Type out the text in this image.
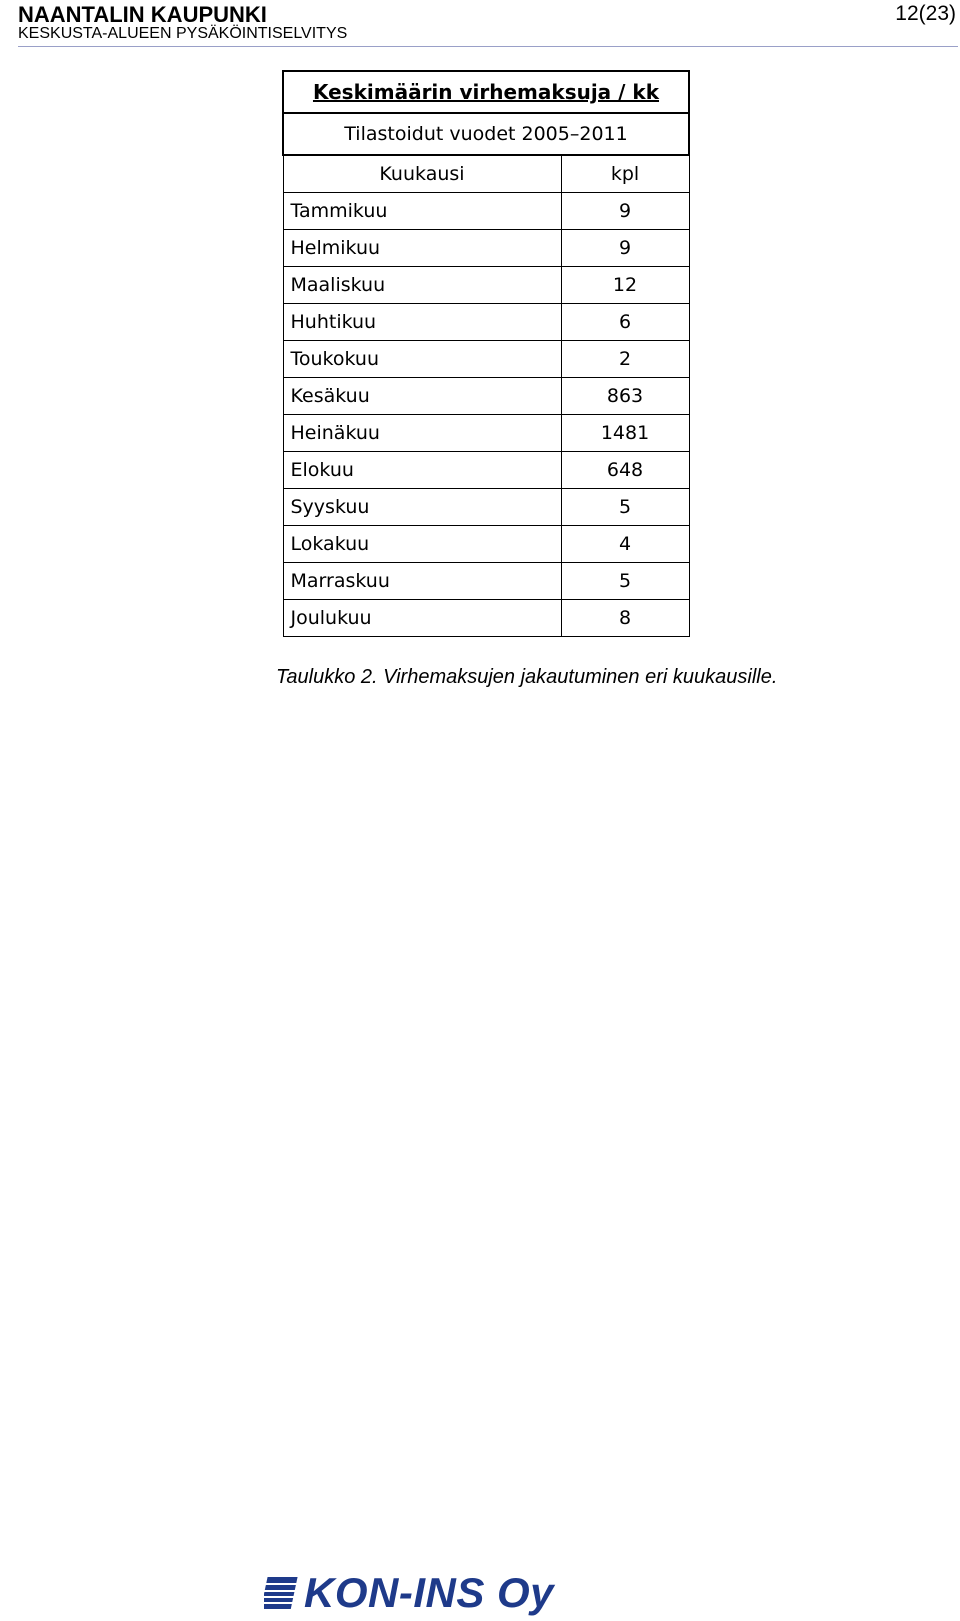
NAANTALIN KAUPUNKI
KESKUSTA-ALUEEN PYSÄKÖINTISELVITYS
12(23)
Keskimäärin virhemaksuja / kk	
Tilastoidut vuodet 2005–2011	
Kuukausi	kpl
Tammikuu	9
Helmikuu	9
Maaliskuu	12
Huhtikuu	6
Toukokuu	2
Kesäkuu	863
Heinäkuu	1481
Elokuu	648
Syyskuu	5
Lokakuu	4
Marraskuu	5
Joulukuu	8
Taulukko 2. Virhemaksujen jakautuminen eri kuukausille.
KON-INS Oy
